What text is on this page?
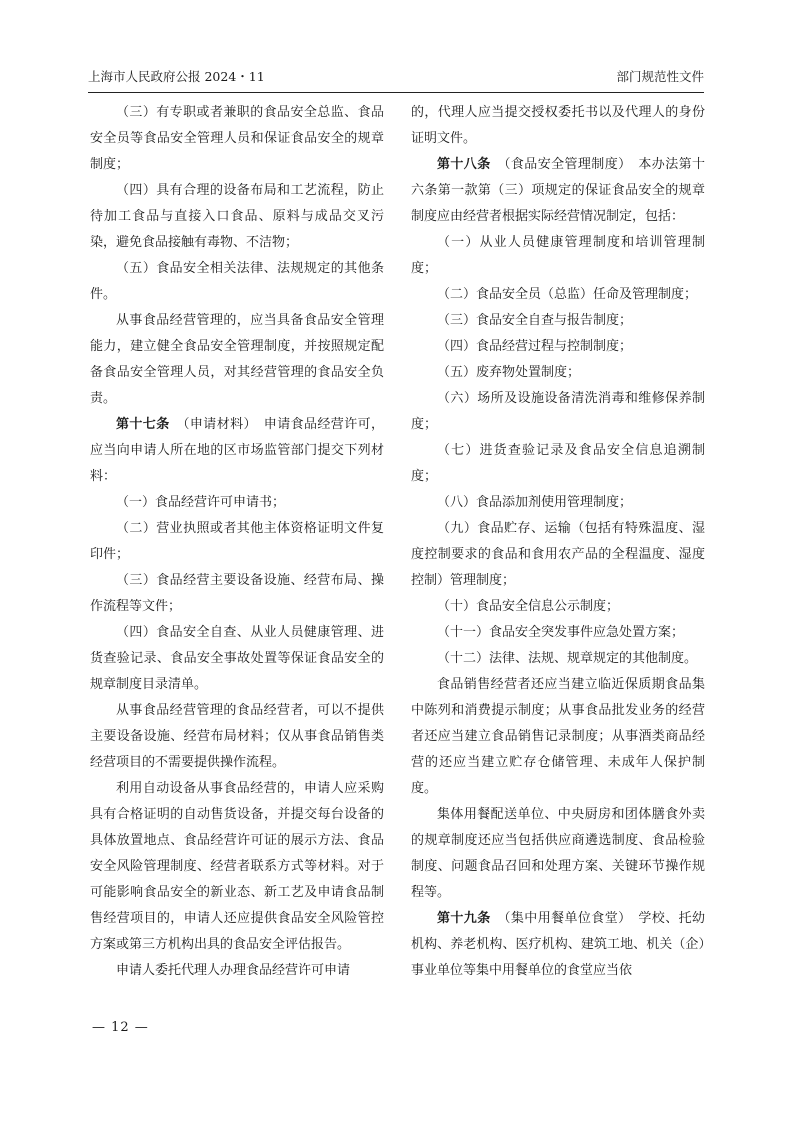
上海市人民政府公报 2024・11	部门规范性文件

（三）有专职或者兼职的食品安全总监、食品安全员等食品安全管理人员和保证食品安全的规章制度；

（四）具有合理的设备布局和工艺流程，防止待加工食品与直接入口食品、原料与成品交叉污染，避免食品接触有毒物、不洁物；

（五）食品安全相关法律、法规规定的其他条件。

从事食品经营管理的，应当具备食品安全管理能力，建立健全食品安全管理制度，并按照规定配备食品安全管理人员，对其经营管理的食品安全负责。

第十七条　（申请材料）　申请食品经营许可，应当向申请人所在地的区市场监管部门提交下列材料：

（一）食品经营许可申请书；

（二）营业执照或者其他主体资格证明文件复印件；

（三）食品经营主要设备设施、经营布局、操作流程等文件；

（四）食品安全自查、从业人员健康管理、进货查验记录、食品安全事故处置等保证食品安全的规章制度目录清单。

从事食品经营管理的食品经营者，可以不提供主要设备设施、经营布局材料；仅从事食品销售类经营项目的不需要提供操作流程。

利用自动设备从事食品经营的，申请人应采购具有合格证明的自动售货设备，并提交每台设备的具体放置地点、食品经营许可证的展示方法、食品安全风险管理制度、经营者联系方式等材料。对于可能影响食品安全的新业态、新工艺及申请食品制售经营项目的，申请人还应提供食品安全风险管控方案或第三方机构出具的食品安全评估报告。

申请人委托代理人办理食品经营许可申请

的，代理人应当提交授权委托书以及代理人的身份证明文件。

第十八条　（食品安全管理制度）　本办法第十六条第一款第（三）项规定的保证食品安全的规章制度应由经营者根据实际经营情况制定，包括：

（一）从业人员健康管理制度和培训管理制度；

（二）食品安全员（总监）任命及管理制度；

（三）食品安全自查与报告制度；

（四）食品经营过程与控制制度；

（五）废弃物处置制度；

（六）场所及设施设备清洗消毒和维修保养制度；

（七）进货查验记录及食品安全信息追溯制度；

（八）食品添加剂使用管理制度；

（九）食品贮存、运输（包括有特殊温度、湿度控制要求的食品和食用农产品的全程温度、湿度控制）管理制度；

（十）食品安全信息公示制度；

（十一）食品安全突发事件应急处置方案；

（十二）法律、法规、规章规定的其他制度。

食品销售经营者还应当建立临近保质期食品集中陈列和消费提示制度；从事食品批发业务的经营者还应当建立食品销售记录制度；从事酒类商品经营的还应当建立贮存仓储管理、未成年人保护制度。

集体用餐配送单位、中央厨房和团体膳食外卖的规章制度还应当包括供应商遴选制度、食品检验制度、问题食品召回和处理方案、关键环节操作规程等。

第十九条　（集中用餐单位食堂）　学校、托幼机构、养老机构、医疗机构、建筑工地、机关（企）事业单位等集中用餐单位的食堂应当依

— 12 —
